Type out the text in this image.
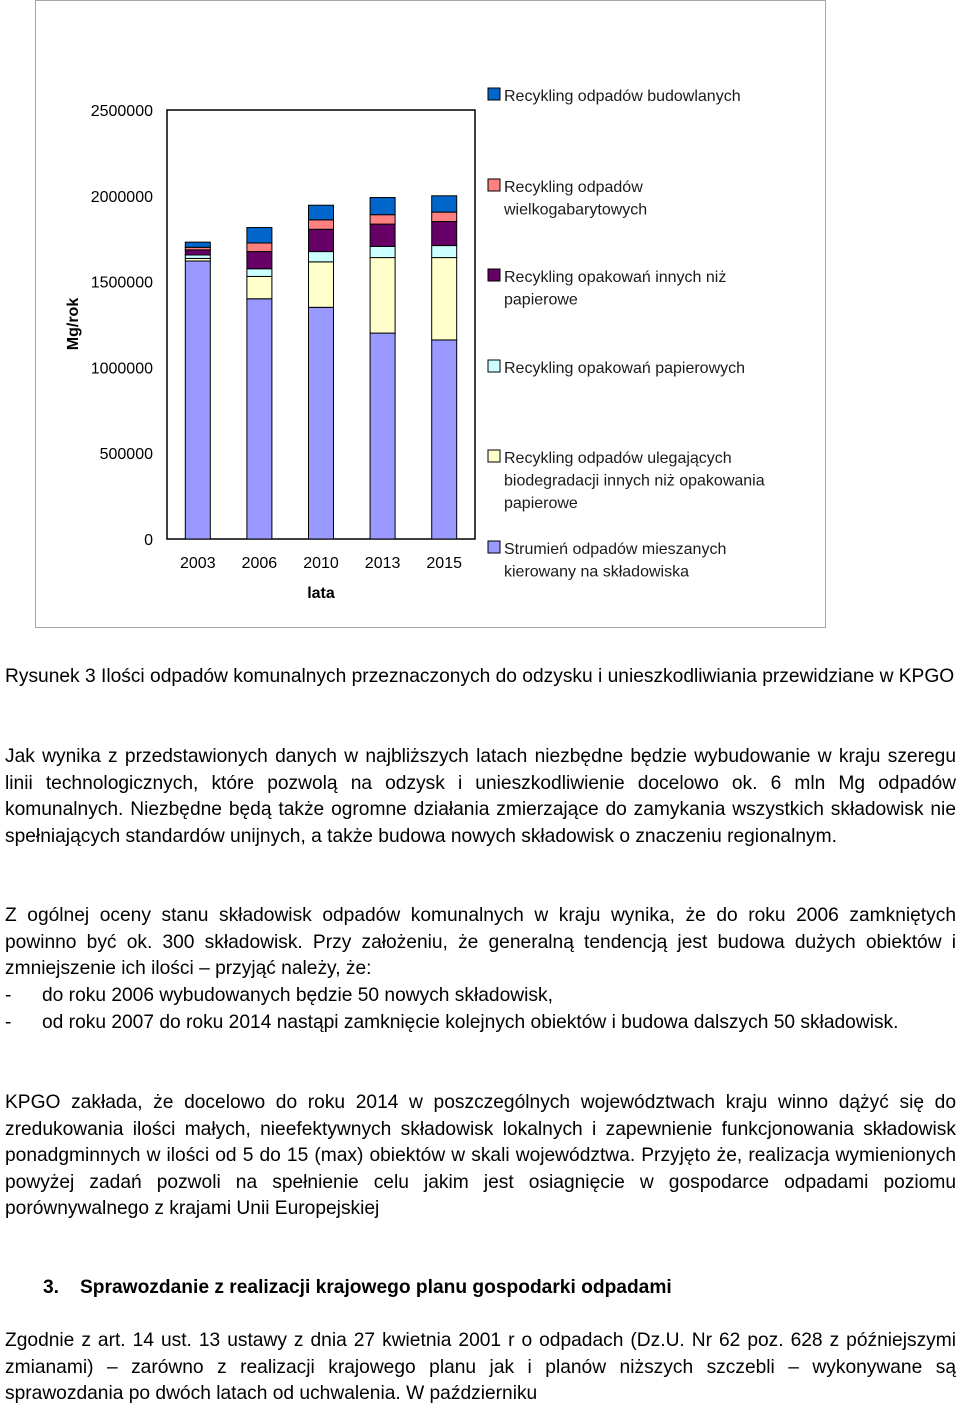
0
500000
1000000
1500000
2000000
2500000
Mg/rok
2003 2006 2010 2013 2015
lata
Recykling odpadów budowlanych
Recykling odpadów
wielkogabarytowych
Recykling opakowań innych niż
papierowe
Recykling opakowań papierowych
Recykling odpadów ulegających
biodegradacji innych niż opakowania
papierowe
Strumień odpadów mieszanych
kierowany na składowiska

Rysunek 3 Ilości odpadów komunalnych przeznaczonych do odzysku i unieszkodliwiania przewidziane w KPGO

Jak wynika z przedstawionych danych w najbliższych latach niezbędne będzie wybudowanie w kraju szeregu linii technologicznych, które pozwolą na odzysk i unieszkodliwienie docelowo ok. 6 mln Mg odpadów komunalnych. Niezbędne będą także ogromne działania zmierzające do zamykania wszystkich składowisk nie spełniających standardów unijnych, a także budowa nowych składowisk o znaczeniu regionalnym.

Z ogólnej oceny stanu składowisk odpadów komunalnych w kraju wynika, że do roku 2006 zamkniętych powinno być ok. 300 składowisk. Przy założeniu, że generalną tendencją jest budowa dużych obiektów i zmniejszenie ich ilości – przyjąć należy, że:

- do roku 2006 wybudowanych będzie 50 nowych składowisk,
- od roku 2007 do roku 2014 nastąpi zamknięcie kolejnych obiektów i budowa dalszych 50 składowisk.

KPGO zakłada, że docelowo do roku 2014 w poszczególnych województwach kraju winno dążyć się do zredukowania ilości małych, nieefektywnych składowisk lokalnych i zapewnienie funkcjonowania składowisk ponadgminnych w ilości od 5 do 15 (max) obiektów w skali województwa. Przyjęto że, realizacja wymienionych powyżej zadań pozwoli na spełnienie celu jakim jest osiagnięcie w gospodarce odpadami poziomu porównywalnego z krajami Unii Europejskiej

3. Sprawozdanie z realizacji krajowego planu gospodarki odpadami

Zgodnie z art. 14 ust. 13 ustawy z dnia 27 kwietnia 2001 r o odpadach (Dz.U. Nr 62 poz. 628 z późniejszymi zmianami) – zarówno z realizacji krajowego planu jak i planów niższych szczebli – wykonywane są sprawozdania po dwóch latach od uchwalenia. W październiku
